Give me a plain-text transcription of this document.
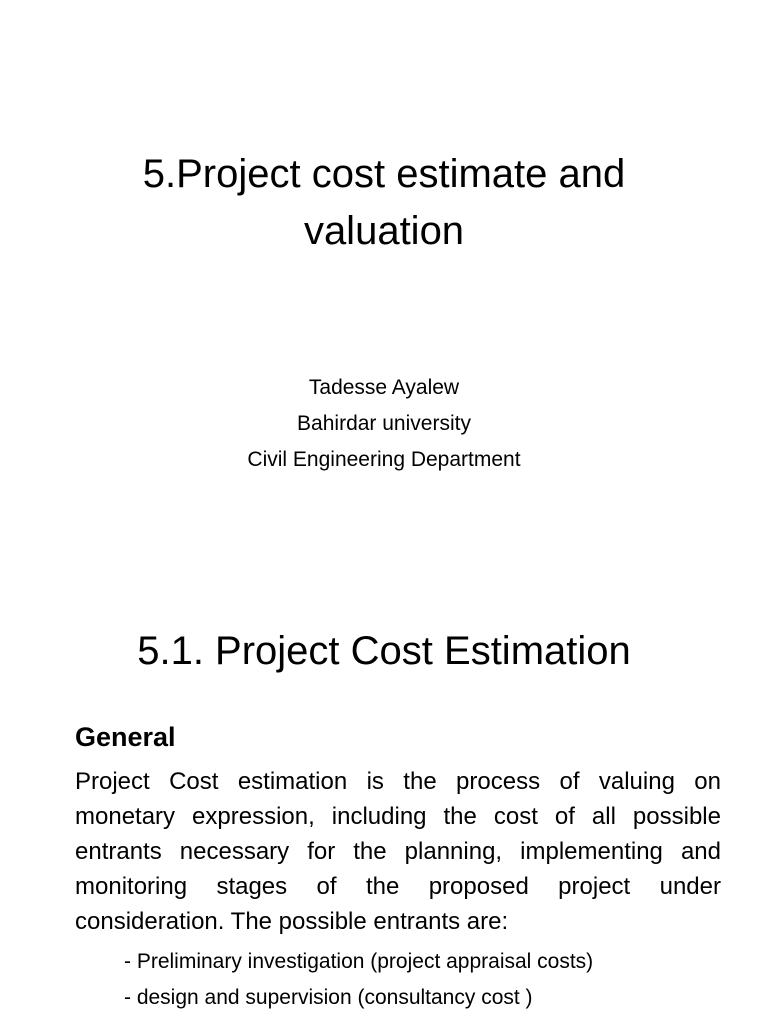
5.Project cost estimate and
valuation
Tadesse Ayalew
Bahirdar university
Civil Engineering Department
5.1. Project Cost Estimation
General

Project Cost estimation is the process of valuing on monetary expression, including the cost of all possible entrants necessary for the planning, implementing and monitoring stages of the proposed project under consideration. The possible entrants are:

- Preliminary investigation (project appraisal costs)
- design and supervision (consultancy cost )
